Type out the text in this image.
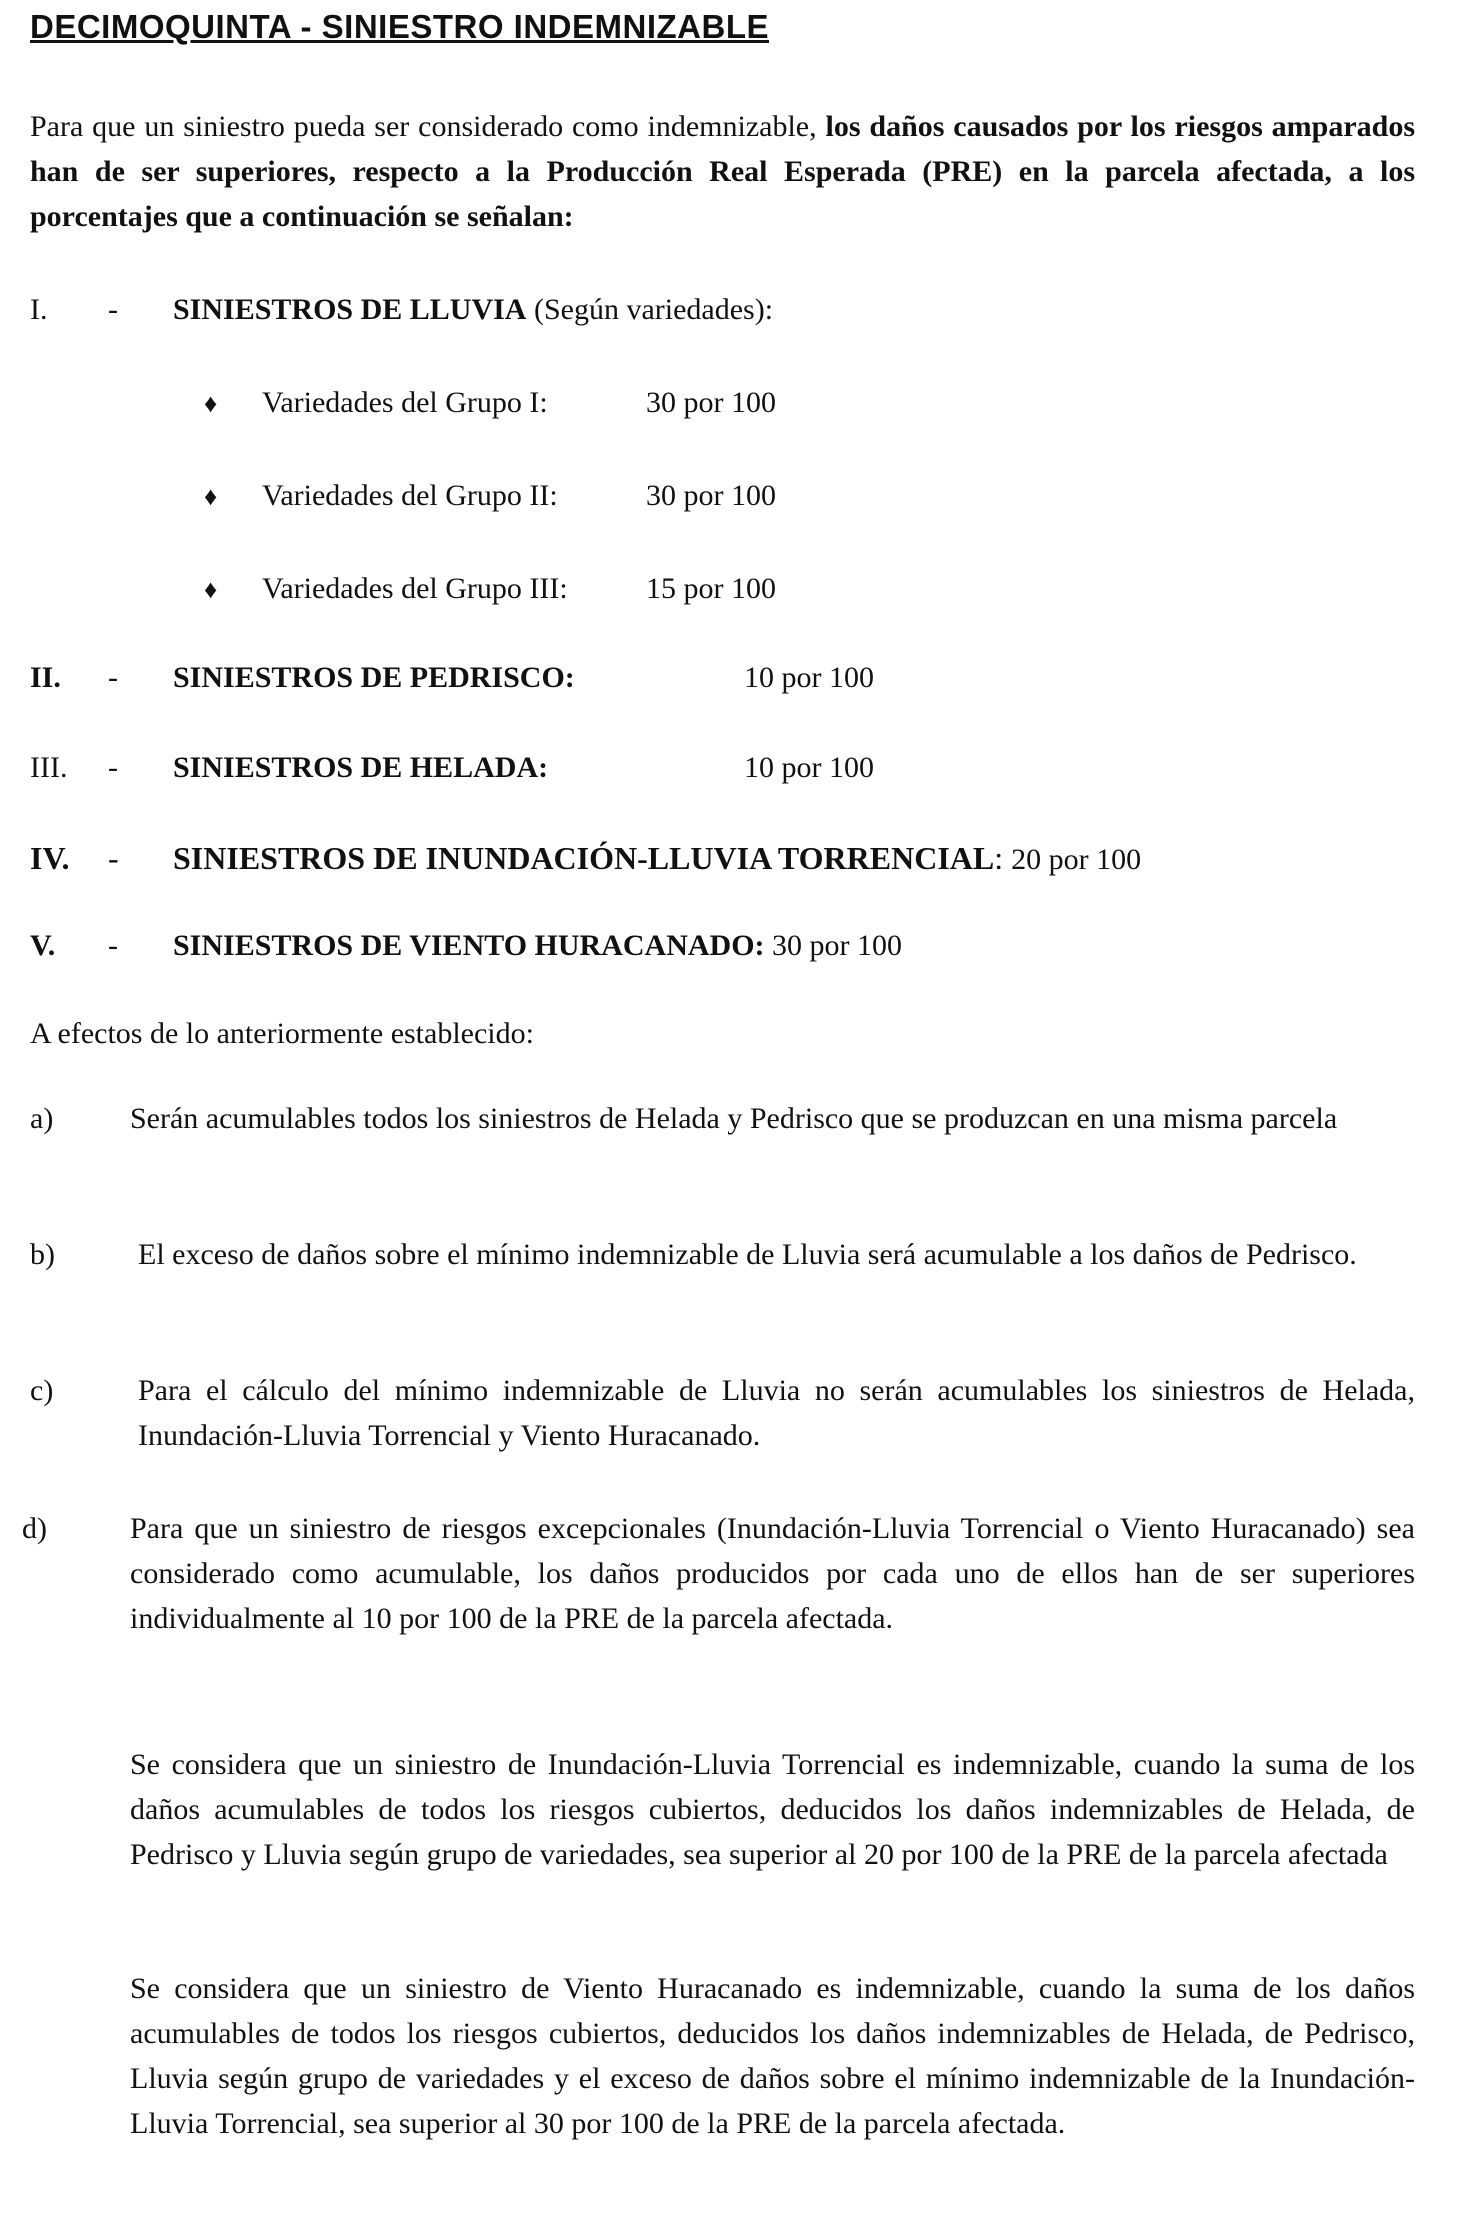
DECIMOQUINTA - SINIESTRO INDEMNIZABLE
Para que un siniestro pueda ser considerado como indemnizable, los daños causados por los riesgos amparados han de ser superiores, respecto a la Producción Real Esperada (PRE) en la parcela afectada, a los porcentajes que a continuación se señalan:
I. - SINIESTROS DE LLUVIA (Según variedades):
♦ Variedades del Grupo I:	30 por 100
♦ Variedades del Grupo II:	30 por 100
♦ Variedades del Grupo III:	15 por 100
II. - SINIESTROS DE PEDRISCO:	10 por 100
III. - SINIESTROS DE HELADA:	10 por 100
IV. - SINIESTROS DE INUNDACIÓN-LLUVIA TORRENCIAL: 20 por 100
V. - SINIESTROS DE VIENTO HURACANADO: 30 por 100
A efectos de lo anteriormente establecido:
a)	Serán acumulables todos los siniestros de Helada y Pedrisco que se produzcan en una misma parcela
b)	El exceso de daños sobre el mínimo indemnizable de Lluvia será acumulable a los daños de Pedrisco.
c)	Para el cálculo del mínimo indemnizable de Lluvia no serán acumulables los siniestros de Helada, Inundación-Lluvia Torrencial y Viento Huracanado.
d)	Para que un siniestro de riesgos excepcionales (Inundación-Lluvia Torrencial o Viento Huracanado) sea considerado como acumulable, los daños producidos por cada uno de ellos han de ser superiores individualmente al 10 por 100 de la PRE de la parcela afectada.
Se considera que un siniestro de Inundación-Lluvia Torrencial es indemnizable, cuando la suma de los daños acumulables de todos los riesgos cubiertos, deducidos los daños indemnizables de Helada, de Pedrisco y Lluvia según grupo de variedades, sea superior al 20 por 100 de la PRE de la parcela afectada
Se considera que un siniestro de Viento Huracanado es indemnizable, cuando la suma de los daños acumulables de todos los riesgos cubiertos, deducidos los daños indemnizables de Helada, de Pedrisco, Lluvia según grupo de variedades y el exceso de daños sobre el mínimo indemnizable de la Inundación-Lluvia Torrencial, sea superior al 30 por 100 de la PRE de la parcela afectada.
